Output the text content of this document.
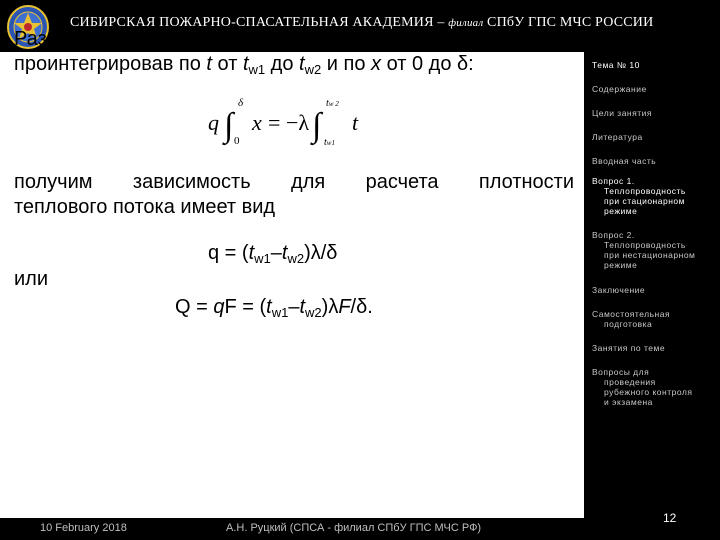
СИБИРСКАЯ ПОЖАРНО-СПАСАТЕЛЬНАЯ АКАДЕМИЯ – филиал СПбУ ГПС МЧС РОССИИ
Разделив переменные в этом уравнении и
проинтегрировав по t от $t_{w1}$ до $t_{w2}$ и по x от 0 до δ:
q ∫
δ
0
x = −λ ∫
tw 2
tw1
t
получим зависимость для расчета плотности
теплового потока имеет вид
$q = (t_{w1}-t_{w2})\lambda/\delta$
или
Q = qF = $(t_{w1}-t_{w2})\lambda F/\delta$.
Тема № 10
Содержание
Цели занятия
Литература
Вводная часть
Вопрос 1.
Теплопроводность
при стационарном
режиме
Вопрос 2.
Теплопроводность
при нестационарном
режиме
Заключение
Самостоятельная
подготовка
Занятия по теме
Вопросы для
проведения
рубежного контроля
и экзамена
10 February 2018	А.Н. Руцкий (СПСА - филиал СПбУ ГПС МЧС РФ)
12
